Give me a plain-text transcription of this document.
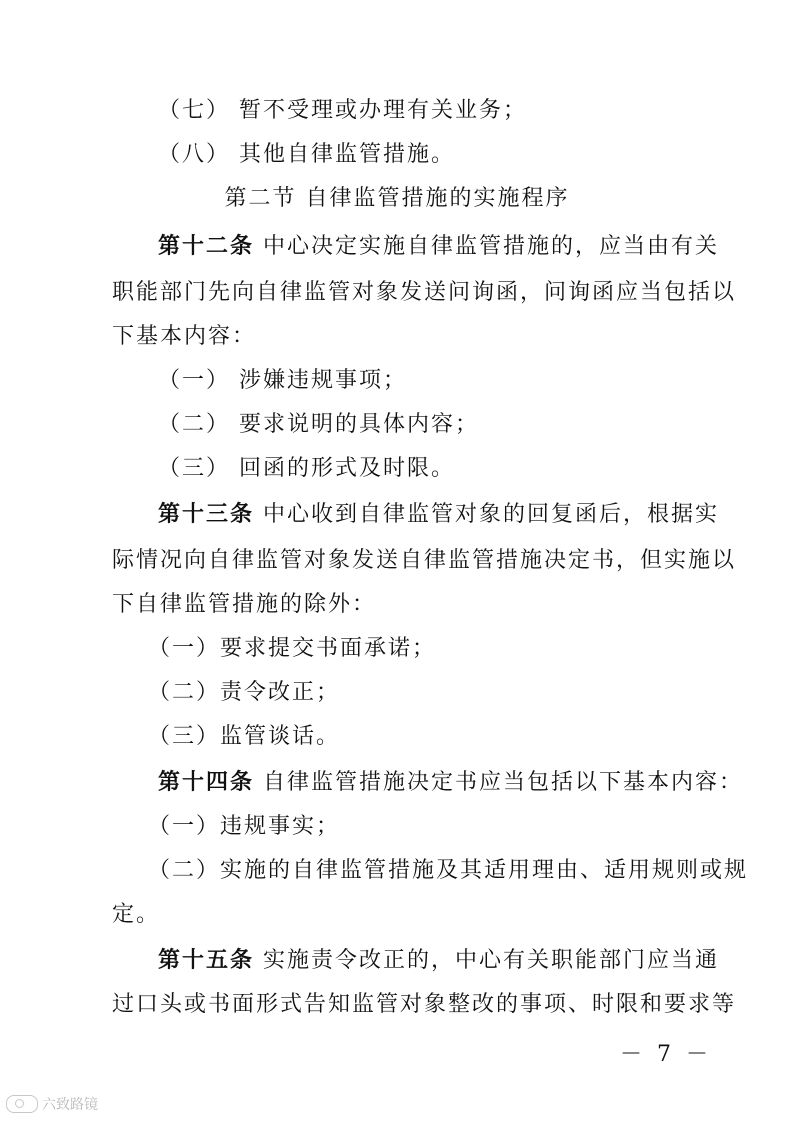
（七） 暂不受理或办理有关业务；
（八） 其他自律监管措施。
第二节 自律监管措施的实施程序
第十二条 中心决定实施自律监管措施的，应当由有关
职能部门先向自律监管对象发送问询函，问询函应当包括以
下基本内容：
（一） 涉嫌违规事项；
（二） 要求说明的具体内容；
（三） 回函的形式及时限。
第十三条 中心收到自律监管对象的回复函后，根据实
际情况向自律监管对象发送自律监管措施决定书，但实施以
下自律监管措施的除外：
（一）要求提交书面承诺；
（二）责令改正；
（三）监管谈话。
第十四条 自律监管措施决定书应当包括以下基本内容：
（一）违规事实；
（二）实施的自律监管措施及其适用理由、适用规则或规
定。
第十五条 实施责令改正的，中心有关职能部门应当通
过口头或书面形式告知监管对象整改的事项、时限和要求等
－ 7 －
六致路镜
